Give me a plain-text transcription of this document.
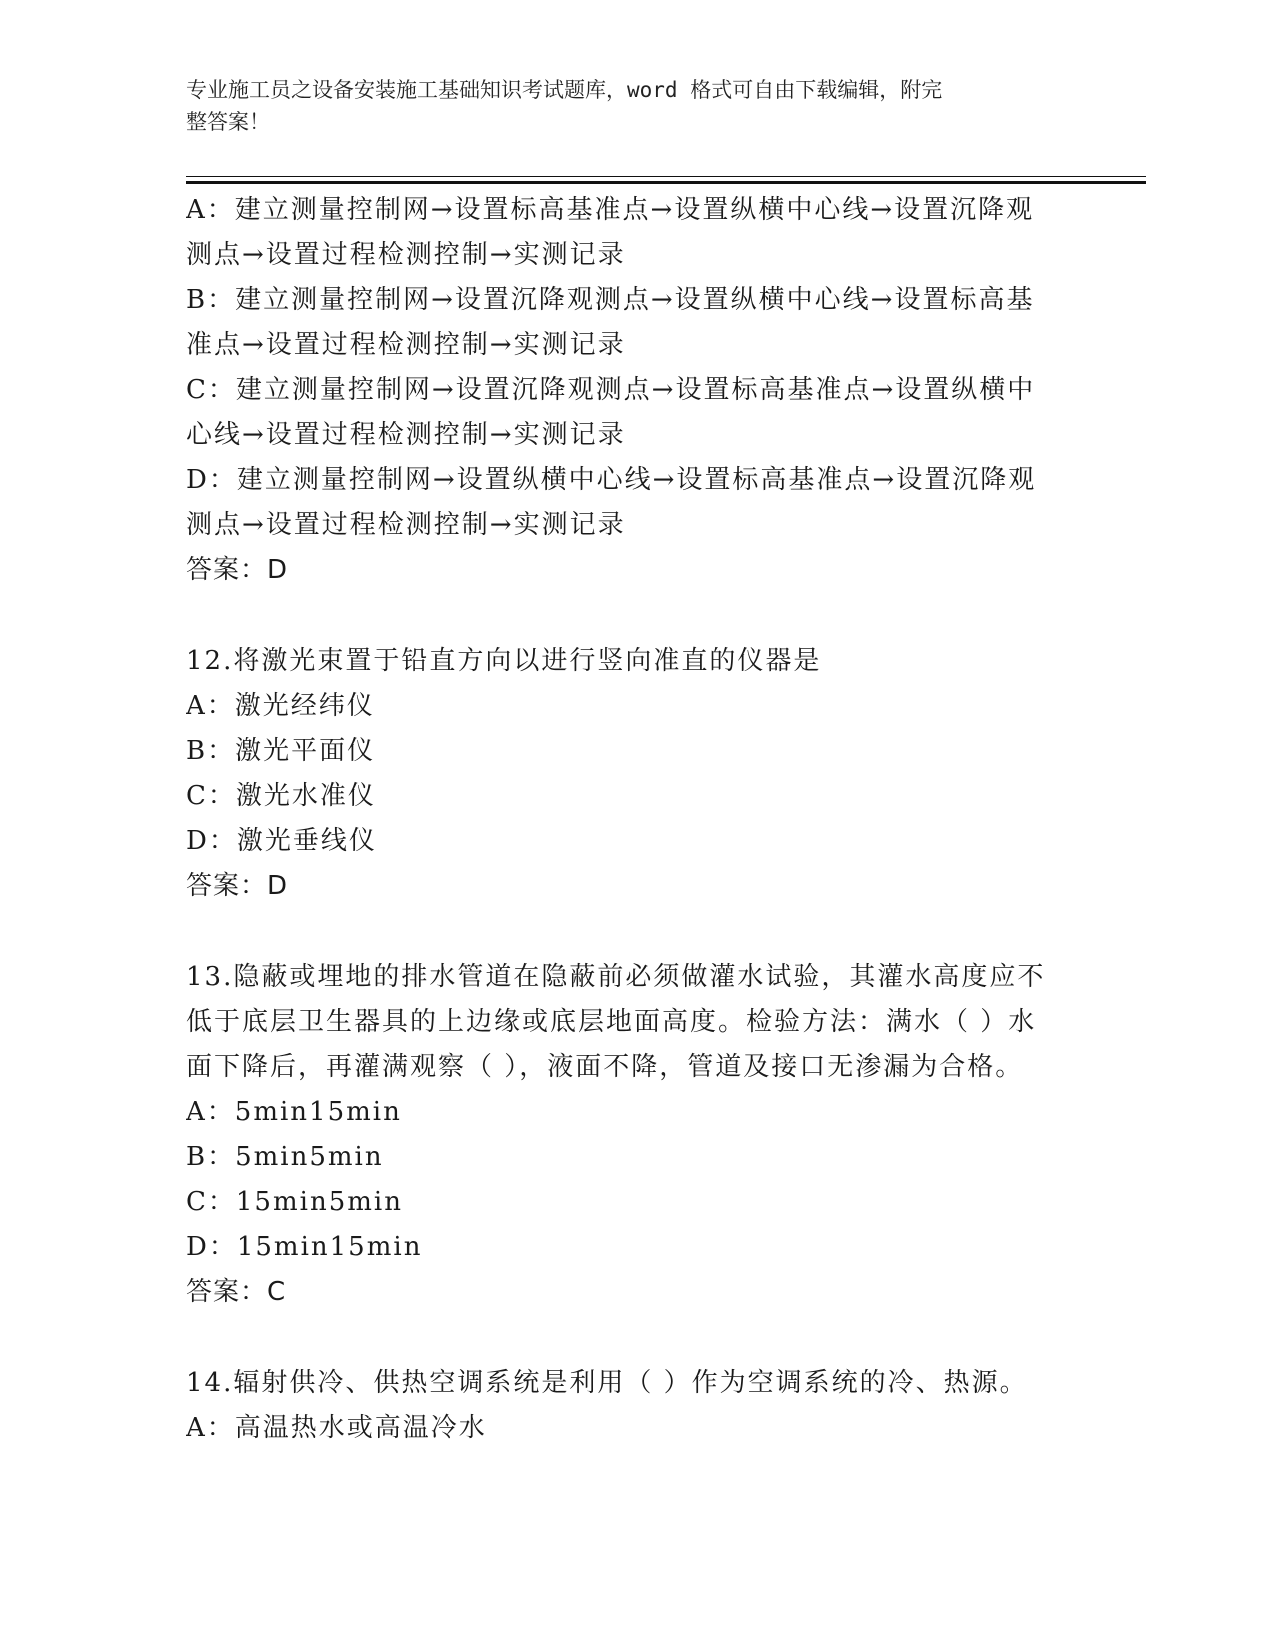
专业施工员之设备安装施工基础知识考试题库，word 格式可自由下载编辑，附完
整答案！
A：建立测量控制网→设置标高基准点→设置纵横中心线→设置沉降观
测点→设置过程检测控制→实测记录
B：建立测量控制网→设置沉降观测点→设置纵横中心线→设置标高基
准点→设置过程检测控制→实测记录
C：建立测量控制网→设置沉降观测点→设置标高基准点→设置纵横中
心线→设置过程检测控制→实测记录
D：建立测量控制网→设置纵横中心线→设置标高基准点→设置沉降观
测点→设置过程检测控制→实测记录
答案：D
12.将激光束置于铅直方向以进行竖向准直的仪器是
A：激光经纬仪
B：激光平面仪
C：激光水准仪
D：激光垂线仪
答案：D
13.隐蔽或埋地的排水管道在隐蔽前必须做灌水试验，其灌水高度应不
低于底层卫生器具的上边缘或底层地面高度。检验方法：满水（ ）水
面下降后，再灌满观察（ ），液面不降，管道及接口无渗漏为合格。
A：5min15min
B：5min5min
C：15min5min
D：15min15min
答案：C
14.辐射供冷、供热空调系统是利用（ ）作为空调系统的冷、热源。
A：高温热水或高温冷水
